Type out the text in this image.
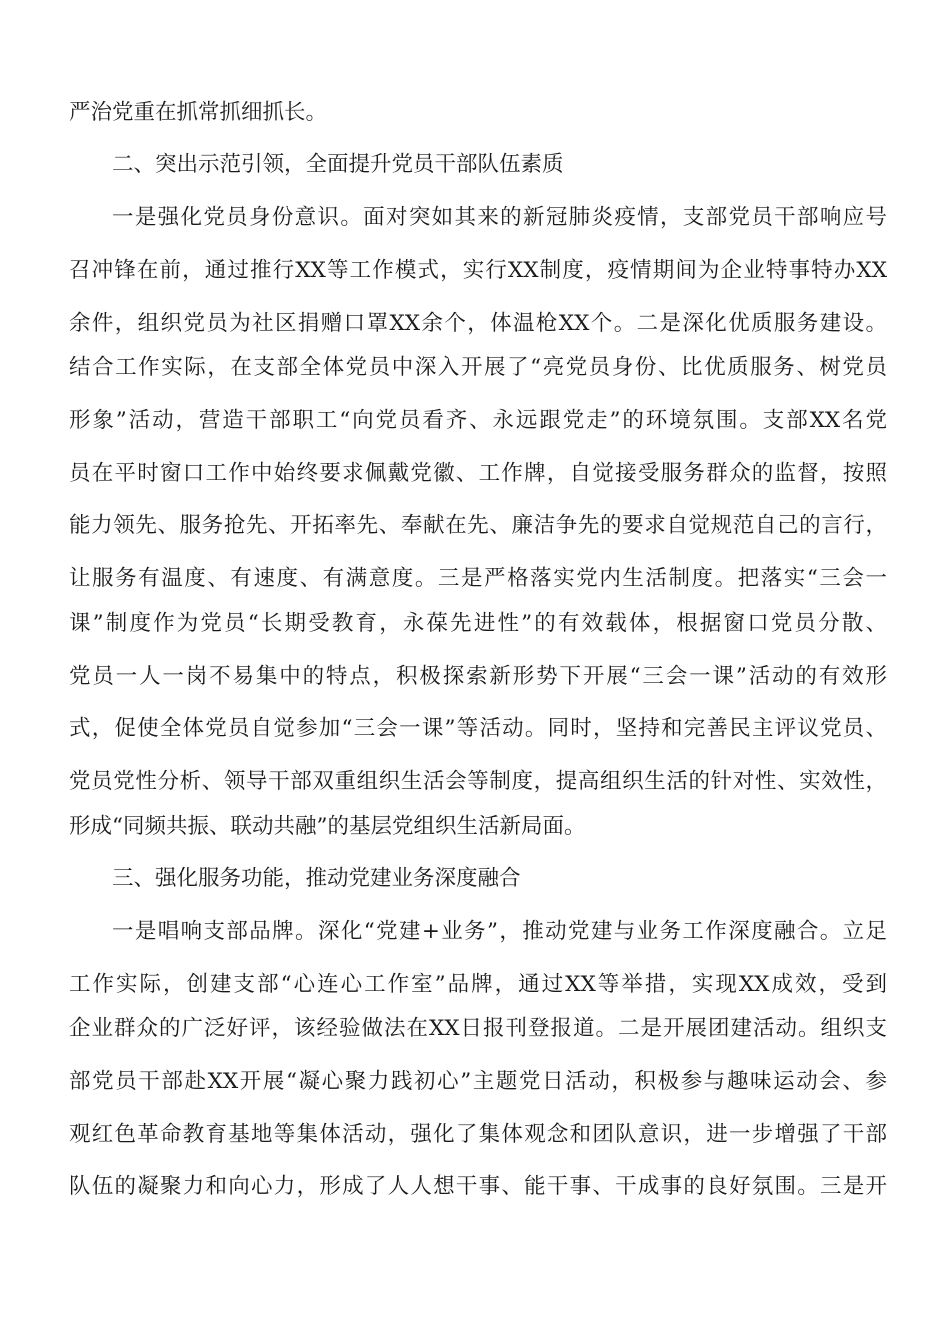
严治党重在抓常抓细抓长。

二、突出示范引领，全面提升党员干部队伍素质

一是强化党员身份意识。面对突如其来的新冠肺炎疫情，支部党员干部响应号

召冲锋在前，通过推行XX等工作模式，实行XX制度，疫情期间为企业特事特办XX

余件，组织党员为社区捐赠口罩XX余个，体温枪XX个。二是深化优质服务建设。

结合工作实际，在支部全体党员中深入开展了“亮党员身份、比优质服务、树党员

形象”活动，营造干部职工“向党员看齐、永远跟党走”的环境氛围。支部XX名党

员在平时窗口工作中始终要求佩戴党徽、工作牌，自觉接受服务群众的监督，按照

能力领先、服务抢先、开拓率先、奉献在先、廉洁争先的要求自觉规范自己的言行，

让服务有温度、有速度、有满意度。三是严格落实党内生活制度。把落实“三会一

课”制度作为党员“长期受教育，永葆先进性”的有效载体，根据窗口党员分散、

党员一人一岗不易集中的特点，积极探索新形势下开展“三会一课”活动的有效形

式，促使全体党员自觉参加“三会一课”等活动。同时，坚持和完善民主评议党员、

党员党性分析、领导干部双重组织生活会等制度，提高组织生活的针对性、实效性，

形成“同频共振、联动共融”的基层党组织生活新局面。

三、强化服务功能，推动党建业务深度融合

一是唱响支部品牌。深化“党建+业务”，推动党建与业务工作深度融合。立足

工作实际，创建支部“心连心工作室”品牌，通过XX等举措，实现XX成效，受到

企业群众的广泛好评，该经验做法在XX日报刊登报道。二是开展团建活动。组织支

部党员干部赴XX开展“凝心聚力践初心”主题党日活动，积极参与趣味运动会、参

观红色革命教育基地等集体活动，强化了集体观念和团队意识，进一步增强了干部

队伍的凝聚力和向心力，形成了人人想干事、能干事、干成事的良好氛围。三是开
